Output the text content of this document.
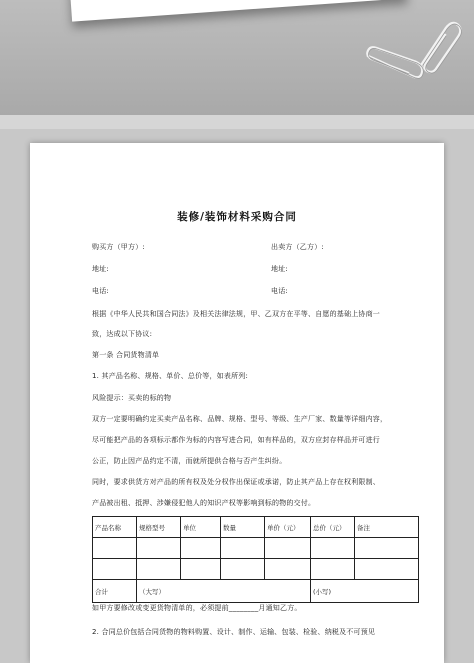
装修/装饰材料采购合同
购买方（甲方）:	出卖方（乙方）:
地址:	地址:
电话:	电话:
根据《中华人民共和国合同法》及相关法律法规，甲、乙双方在平等、自愿的基础上协商一
致，达成以下协议:
第一条 合同货物清单
1. 其产品名称、规格、单价、总价等，如表所列:
风险提示：买卖的标的物
双方一定要明确约定买卖产品名称、品牌、规格、型号、等级、生产厂家、数量等详细内容，
尽可能把产品的各项标示都作为标的内容写进合同，如有样品的，双方应封存样品并可进行
公正，防止因产品约定不清，而就所提供合格与否产生纠纷。
同时，要求供货方对产品的所有权及处分权作出保证或承诺，防止其产品上存在权利限制、
产品被出租、抵押、涉嫌侵犯他人的知识产权等影响到标的物的交付。
产品名称	规格型号	单位	数量	单价（元）	总价（元）	备注

合计	（大写）				(小写)	
如甲方要修改或变更货物清单的，必须提前________月通知乙方。
2. 合同总价包括合同货物的物料购置、设计、制作、运输、包装、检验、纳税及不可预见
